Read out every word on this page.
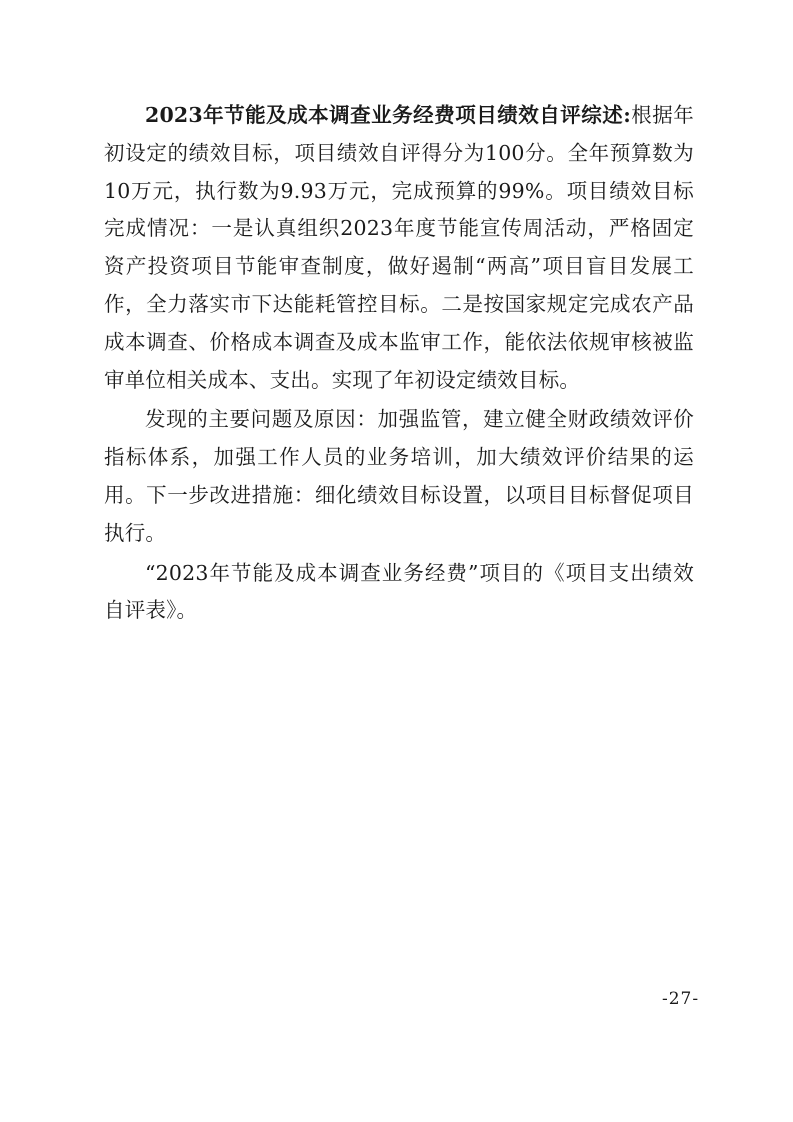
2023年节能及成本调查业务经费项目绩效自评综述:根据年初设定的绩效目标，项目绩效自评得分为100分。全年预算数为10万元，执行数为9.93万元，完成预算的99%。项目绩效目标完成情况：一是认真组织2023年度节能宣传周活动，严格固定资产投资项目节能审查制度，做好遏制“两高”项目盲目发展工作，全力落实市下达能耗管控目标。二是按国家规定完成农产品成本调查、价格成本调查及成本监审工作，能依法依规审核被监审单位相关成本、支出。实现了年初设定绩效目标。

发现的主要问题及原因：加强监管，建立健全财政绩效评价指标体系，加强工作人员的业务培训，加大绩效评价结果的运用。下一步改进措施：细化绩效目标设置，以项目目标督促项目执行。

“2023年节能及成本调查业务经费”项目的《项目支出绩效自评表》。

-27-
